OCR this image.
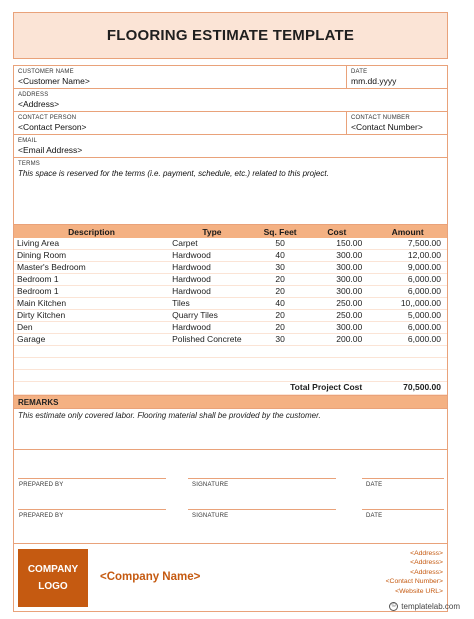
FLOORING ESTIMATE TEMPLATE
CUSTOMER NAME
<Customer Name>
DATE
mm.dd.yyyy
ADDRESS
<Address>
CONTACT PERSON
<Contact Person>
CONTACT NUMBER
<Contact Number>
EMAIL
<Email Address>
TERMS
This space is reserved for the terms (i.e. payment, schedule, etc.) related to this project.
Description	Type	Sq. Feet	Cost	Amount
Living Area	Carpet	50	150.00	7,500.00
Dining Room	Hardwood	40	300.00	12,00.00
Master's Bedroom	Hardwood	30	300.00	9,000.00
Bedroom 1	Hardwood	20	300.00	6,000.00
Bedroom 1	Hardwood	20	300.00	6,000.00
Main Kitchen	Tiles	40	250.00	10,,000.00
Dirty Kitchen	Quarry Tiles	20	250.00	5,000.00
Den	Hardwood	20	300.00	6,000.00
Garage	Polished Concrete	30	200.00	6,000.00

		Total Project Cost		70,500.00
REMARKS
This estimate only covered labor. Flooring material shall be provided by the customer.
PREPARED BY	SIGNATURE	DATE
PREPARED BY	SIGNATURE	DATE
COMPANY
LOGO
<Company Name>
<Address>
<Address>
<Address>
<Contact Number>
<Website URL>
© templatelab.com
